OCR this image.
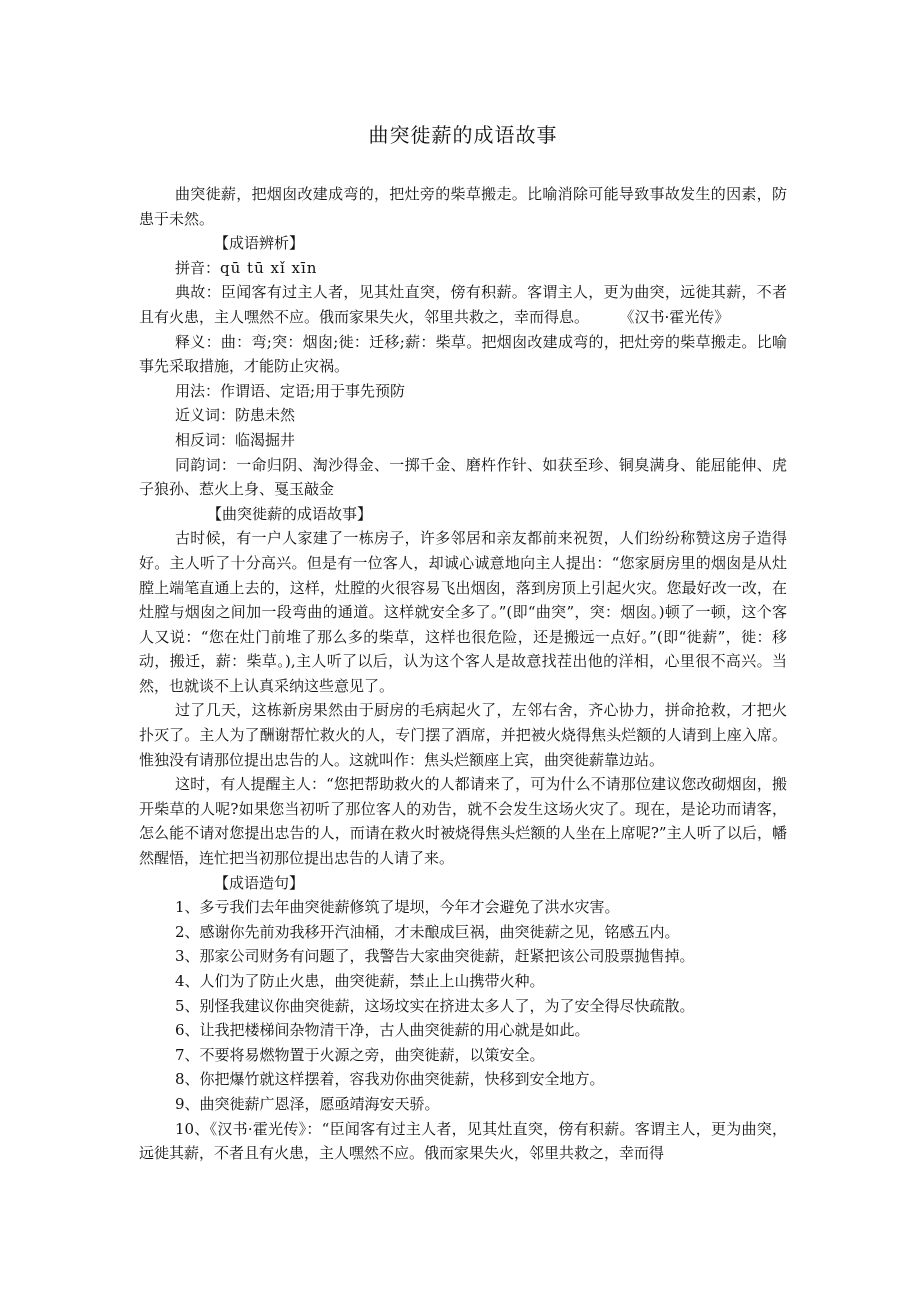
曲突徙薪的成语故事

曲突徙薪，把烟囱改建成弯的，把灶旁的柴草搬走。比喻消除可能导致事故发生的因素，防患于未然。

【成语辨析】

拼音：qū tū xǐ xīn

典故：臣闻客有过主人者，见其灶直突，傍有积薪。客谓主人，更为曲突，远徙其薪，不者且有火患，主人嘿然不应。俄而家果失火，邻里共救之，幸而得息。	《汉书·霍光传》

释义：曲：弯;突：烟囱;徙：迁移;薪：柴草。把烟囱改建成弯的，把灶旁的柴草搬走。比喻事先采取措施，才能防止灾祸。

用法：作谓语、定语;用于事先预防

近义词：防患未然

相反词：临渴掘井

同韵词：一命归阴、淘沙得金、一掷千金、磨杵作针、如获至珍、铜臭满身、能屈能伸、虎子狼孙、惹火上身、戛玉敲金

【曲突徙薪的成语故事】

古时候，有一户人家建了一栋房子，许多邻居和亲友都前来祝贺，人们纷纷称赞这房子造得好。主人听了十分高兴。但是有一位客人，却诚心诚意地向主人提出：“您家厨房里的烟囱是从灶膛上端笔直通上去的，这样，灶膛的火很容易飞出烟囱，落到房顶上引起火灾。您最好改一改，在灶膛与烟囱之间加一段弯曲的通道。这样就安全多了。”(即“曲突”，突：烟囱。)顿了一顿，这个客人又说：“您在灶门前堆了那么多的柴草，这样也很危险，还是搬远一点好。”(即“徙薪”，徙：移动，搬迁，薪：柴草。),主人听了以后，认为这个客人是故意找茬出他的洋相，心里很不高兴。当然，也就谈不上认真采纳这些意见了。

过了几天，这栋新房果然由于厨房的毛病起火了，左邻右舍，齐心协力，拼命抢救，才把火扑灭了。主人为了酬谢帮忙救火的人，专门摆了酒席，并把被火烧得焦头烂额的人请到上座入席。惟独没有请那位提出忠告的人。这就叫作：焦头烂额座上宾，曲突徙薪靠边站。

这时，有人提醒主人：“您把帮助救火的人都请来了，可为什么不请那位建议您改砌烟囱，搬开柴草的人呢?如果您当初听了那位客人的劝告，就不会发生这场火灾了。现在，是论功而请客，怎么能不请对您提出忠告的人，而请在救火时被烧得焦头烂额的人坐在上席呢?”主人听了以后，幡然醒悟，连忙把当初那位提出忠告的人请了来。

【成语造句】

1、多亏我们去年曲突徙薪修筑了堤坝，今年才会避免了洪水灾害。

2、感谢你先前劝我移开汽油桶，才未酿成巨祸，曲突徙薪之见，铭感五内。

3、那家公司财务有问题了，我警告大家曲突徙薪，赶紧把该公司股票抛售掉。

4、人们为了防止火患，曲突徙薪，禁止上山携带火种。

5、别怪我建议你曲突徙薪，这场坟实在挤进太多人了，为了安全得尽快疏散。

6、让我把楼梯间杂物清干净，古人曲突徙薪的用心就是如此。

7、不要将易燃物置于火源之旁，曲突徙薪，以策安全。

8、你把爆竹就这样摆着，容我劝你曲突徙薪，快移到安全地方。

9、曲突徙薪广恩泽，愿亟靖海安天骄。

10、《汉书·霍光传》：“臣闻客有过主人者，见其灶直突，傍有积薪。客谓主人，更为曲突，远徙其薪，不者且有火患，主人嘿然不应。俄而家果失火，邻里共救之，幸而得
